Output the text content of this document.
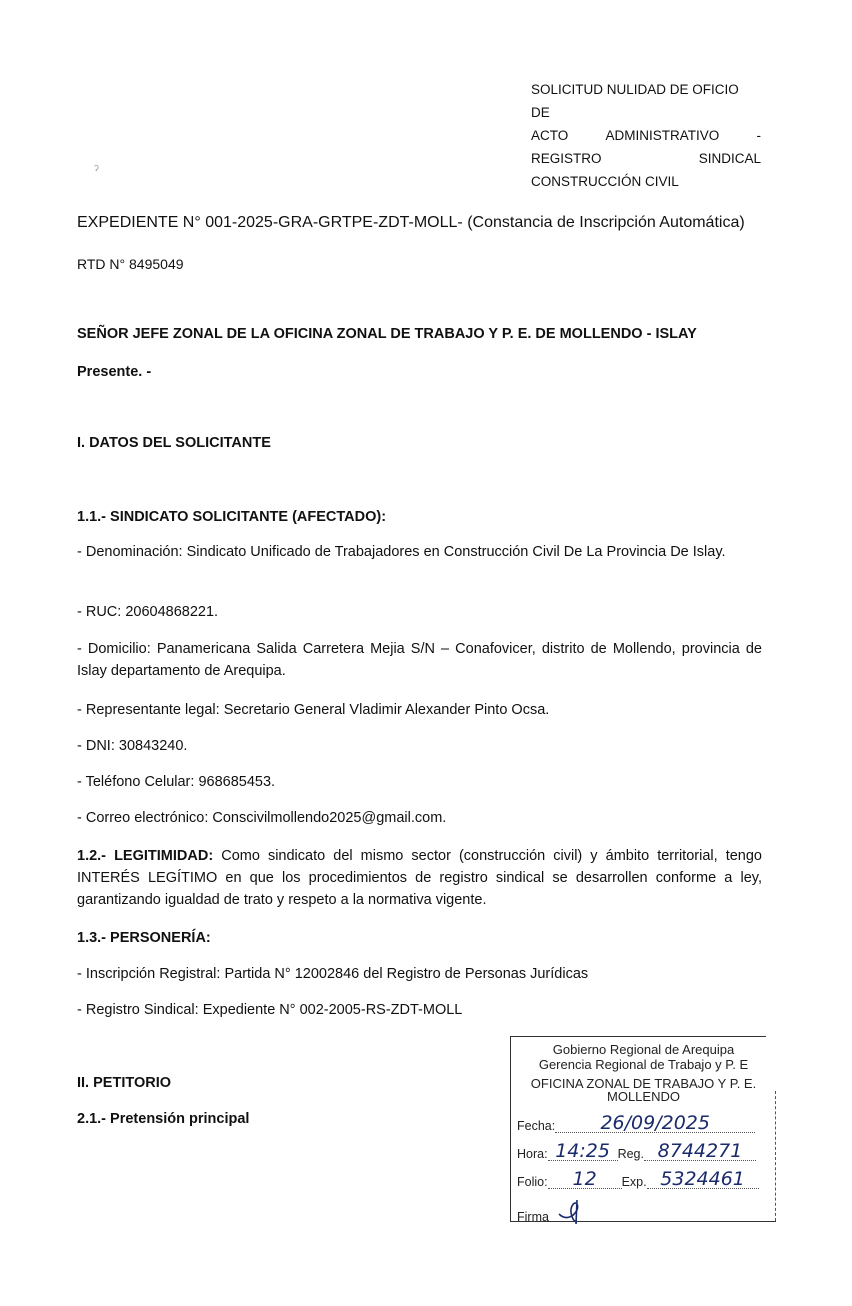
ˀ
SOLICITUD NULIDAD DE OFICIO DE
ACTO	ADMINISTRATIVO	-
REGISTRO	SINDICAL
CONSTRUCCIÓN CIVIL
EXPEDIENTE N° 001-2025-GRA-GRTPE-ZDT-MOLL- (Constancia de Inscripción Automática)
RTD N° 8495049
SEÑOR JEFE ZONAL DE LA OFICINA ZONAL DE TRABAJO Y P. E. DE MOLLENDO - ISLAY
Presente. -
I. DATOS DEL SOLICITANTE
1.1.- SINDICATO SOLICITANTE (AFECTADO):
- Denominación: Sindicato Unificado de Trabajadores en Construcción Civil De La Provincia De Islay.
- RUC: 20604868221.
- Domicilio: Panamericana Salida Carretera Mejia S/N – Conafovicer, distrito de Mollendo, provincia de Islay departamento de Arequipa.
- Representante legal: Secretario General Vladimir Alexander Pinto Ocsa.
- DNI: 30843240.
- Teléfono Celular: 968685453.
- Correo electrónico: Conscivilmollendo2025@gmail.com.
1.2.- LEGITIMIDAD: Como sindicato del mismo sector (construcción civil) y ámbito territorial, tengo INTERÉS LEGÍTIMO en que los procedimientos de registro sindical se desarrollen conforme a ley, garantizando igualdad de trato y respeto a la normativa vigente.
1.3.- PERSONERÍA:
- Inscripción Registral: Partida N° 12002846 del Registro de Personas Jurídicas
- Registro Sindical: Expediente N° 002-2005-RS-ZDT-MOLL
II. PETITORIO
2.1.- Pretensión principal
Gobierno Regional de Arequipa
Gerencia Regional de Trabajo y P. E
OFICINA ZONAL DE TRABAJO Y P. E.
MOLLENDO
Fecha:	26/09/2025
Hora: 14:25 Reg. 8744271
Folio:	12	Exp. 5324461
Firma
